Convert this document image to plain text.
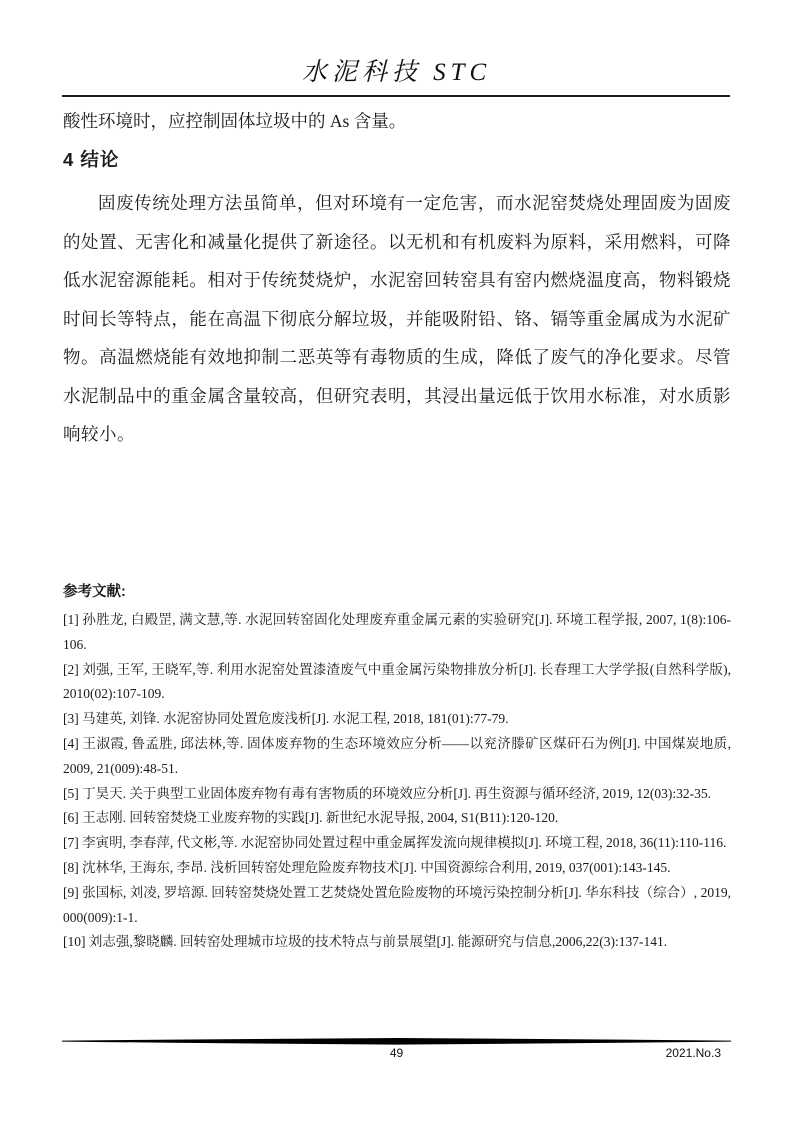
水泥科技 STC

酸性环境时，应控制固体垃圾中的 As 含量。

4 结论

固废传统处理方法虽简单，但对环境有一定危害，而水泥窑焚烧处理固废为固废的处置、无害化和减量化提供了新途径。以无机和有机废料为原料，采用燃料，可降低水泥窑源能耗。相对于传统焚烧炉，水泥窑回转窑具有窑内燃烧温度高，物料锻烧时间长等特点，能在高温下彻底分解垃圾，并能吸附铅、铬、镉等重金属成为水泥矿物。高温燃烧能有效地抑制二恶英等有毒物质的生成，降低了废气的净化要求。尽管水泥制品中的重金属含量较高，但研究表明，其浸出量远低于饮用水标准，对水质影响较小。

参考文献:

[1] 孙胜龙, 白殿罡, 满文慧,等. 水泥回转窑固化处理废弃重金属元素的实验研究[J]. 环境工程学报, 2007, 1(8):106-106.

[2] 刘强, 王军, 王晓军,等. 利用水泥窑处置漆渣废气中重金属污染物排放分析[J]. 长春理工大学学报(自然科学版), 2010(02):107-109.

[3] 马建英, 刘锋. 水泥窑协同处置危废浅析[J]. 水泥工程, 2018, 181(01):77-79.

[4] 王淑霞, 鲁孟胜, 邱法林,等. 固体废弃物的生态环境效应分析——以兖济滕矿区煤矸石为例[J]. 中国煤炭地质, 2009, 21(009):48-51.

[5] 丁昊天. 关于典型工业固体废弃物有毒有害物质的环境效应分析[J]. 再生资源与循环经济, 2019, 12(03):32-35.

[6] 王志刚. 回转窑焚烧工业废弃物的实践[J]. 新世纪水泥导报, 2004, S1(B11):120-120.

[7] 李寅明, 李春萍, 代文彬,等. 水泥窑协同处置过程中重金属挥发流向规律模拟[J]. 环境工程, 2018, 36(11):110-116.

[8] 沈林华, 王海东, 李昂. 浅析回转窑处理危险废弃物技术[J]. 中国资源综合利用, 2019, 037(001):143-145.

[9] 张国标, 刘凌, 罗培源. 回转窑焚烧处置工艺焚烧处置危险废物的环境污染控制分析[J]. 华东科技（综合）, 2019, 000(009):1-1.

[10] 刘志强,黎晓麟. 回转窑处理城市垃圾的技术特点与前景展望[J]. 能源研究与信息,2006,22(3):137-141.

49	2021.No.3
